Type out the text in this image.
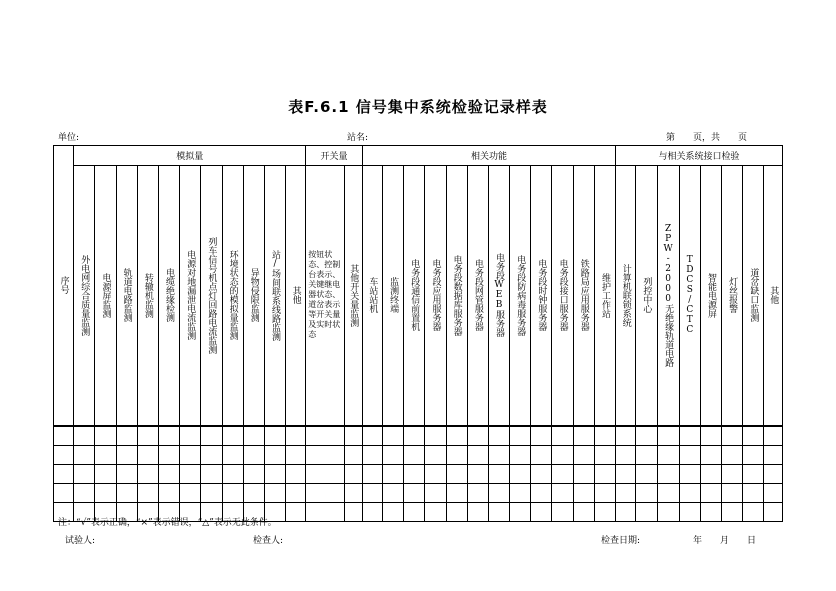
表F.6.1 信号集中系统检验记录样表
单位:	站名:	第　　页，共　　页
序号	模拟量											开关量		相关功能												与相关系统接口检验							
	外电网综合质量监测	电源屏监测	轨道电路监测	转辙机监测	电缆绝缘检测	电源对地漏泄电流监测	列车信号机点灯回路电流监测	环境状态的模拟量监测	异物侵限监测	站/场间联系线路监测	其他	按钮状态、控制台表示、关键继电器状态、道岔表示等开关量及实时状态	其他开关量监测	车站站机	监测终端	电务段通信前置机	电务段应用服务器	电务段数据库服务器	电务段网管服务器	电务段WEB服务器	电务段防病毒服务器	电务段时钟服务器	电务段接口服务器	铁路局应用服务器	维护工作站	计算机联锁系统	列控中心	ZPW-2000无绝缘轨道电路	TDCS/CTC	智能电源屏	灯丝报警	道岔缺口监测	其他

注：“√”表示正确，“×”表示错误，“△”表示无此条件。
试验人:	检查人:	检查日期:	年　　月　　日
